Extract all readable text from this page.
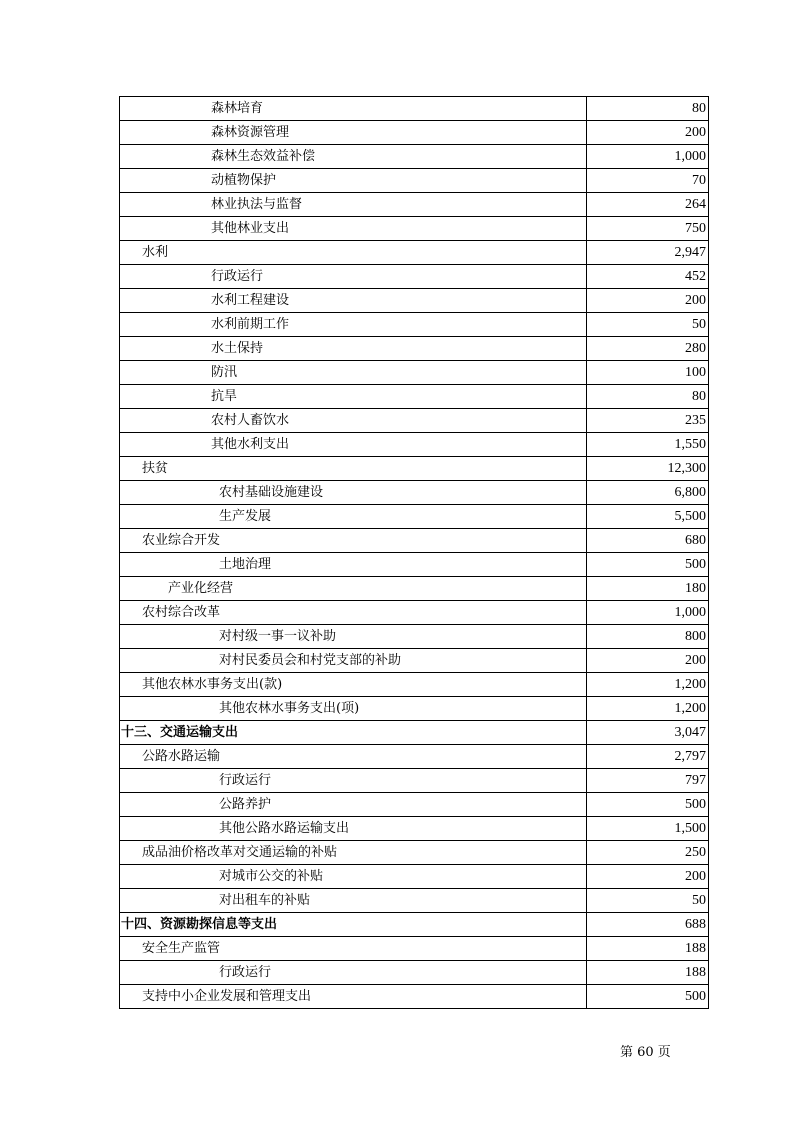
森林培育	80
森林资源管理	200
森林生态效益补偿	1,000
动植物保护	70
林业执法与监督	264
其他林业支出	750
水利	2,947
行政运行	452
水利工程建设	200
水利前期工作	50
水土保持	280
防汛	100
抗旱	80
农村人畜饮水	235
其他水利支出	1,550
扶贫	12,300
农村基础设施建设	6,800
生产发展	5,500
农业综合开发	680
土地治理	500
产业化经营	180
农村综合改革	1,000
对村级一事一议补助	800
对村民委员会和村党支部的补助	200
其他农林水事务支出(款)	1,200
其他农林水事务支出(项)	1,200
十三、交通运输支出	3,047
公路水路运输	2,797
行政运行	797
公路养护	500
其他公路水路运输支出	1,500
成品油价格改革对交通运输的补贴	250
对城市公交的补贴	200
对出租车的补贴	50
十四、资源勘探信息等支出	688
安全生产监管	188
行政运行	188
支持中小企业发展和管理支出	500
第 60 页
